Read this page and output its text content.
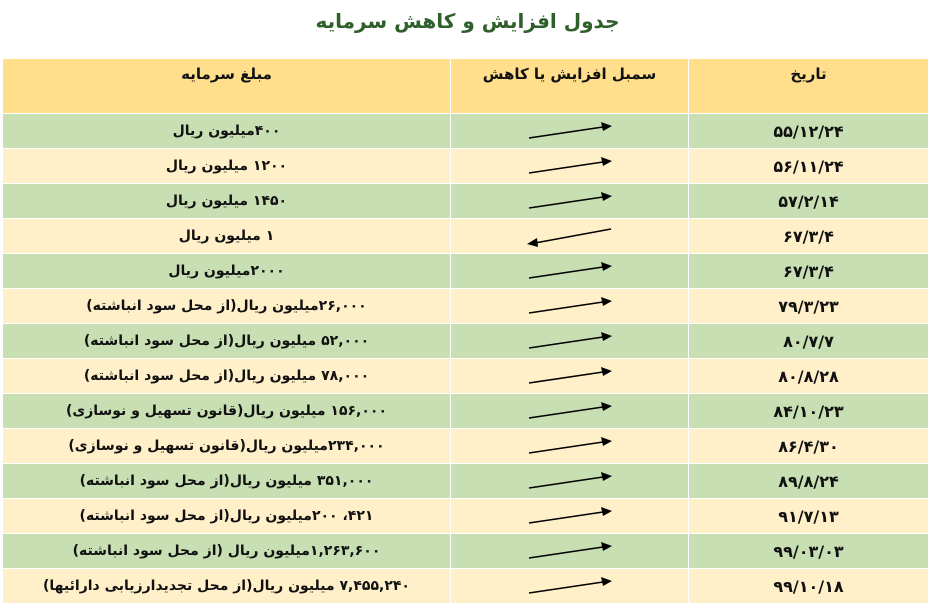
جدول افزایش و کاهش سرمایه
مبلغ سرمایه	سمبل افزایش یا کاهش	تاریخ
۴۰۰میلیون ریال		۵۵/۱۲/۲۴
۱۲۰۰ میلیون ریال		۵۶/۱۱/۲۴
۱۴۵۰ میلیون ریال		۵۷/۲/۱۴
۱ میلیون ریال		۶۷/۳/۴
۲۰۰۰میلیون ریال		۶۷/۳/۴
۲۶,۰۰۰میلیون ریال(از محل سود انباشته)		۷۹/۳/۲۳
۵۲,۰۰۰ میلیون ریال(از محل سود انباشته)		۸۰/۷/۷
۷۸,۰۰۰ میلیون ریال(از محل سود انباشته)		۸۰/۸/۲۸
۱۵۶,۰۰۰ میلیون ریال(قانون تسهیل و نوسازی)		۸۴/۱۰/۲۳
۲۳۴,۰۰۰میلیون ریال(قانون تسهیل و نوسازی)		۸۶/۴/۳۰
۳۵۱,۰۰۰ میلیون ریال(از محل سود انباشته)		۸۹/۸/۲۴
۴۲۱، ۲۰۰میلیون ریال(از محل سود انباشته)		۹۱/۷/۱۳
۱,۲۶۳,۶۰۰میلیون ریال (از محل سود انباشته)		۹۹/۰۳/۰۳
۷,۴۵۵,۲۴۰ میلیون ریال(از محل تجدیدارزیابی دارائیها)		۹۹/۱۰/۱۸
